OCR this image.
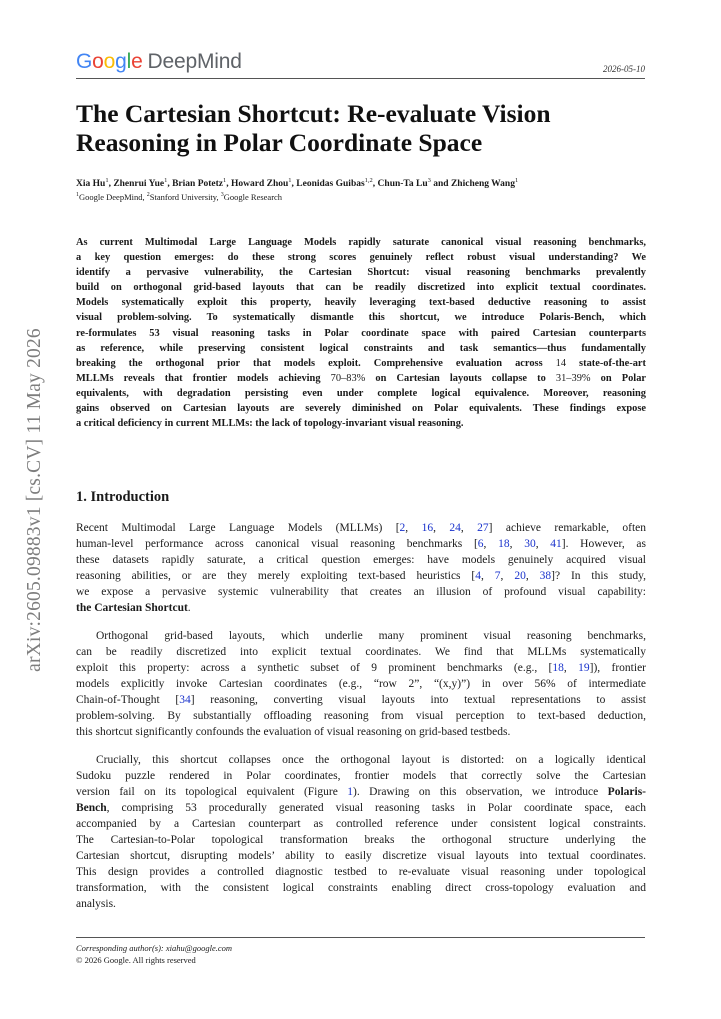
Google DeepMind	2026-05-10
The Cartesian Shortcut: Re-evaluate Vision
Reasoning in Polar Coordinate Space
Xia Hu$^1$, Zhenrui Yue$^1$, Brian Potetz$^1$, Howard Zhou$^1$, Leonidas Guibas$^{1,2}$, Chun-Ta Lu$^3$ and Zhicheng Wang$^1$
$^1$Google DeepMind, $^2$Stanford University, $^3$Google Research
arXiv:2605.09883v1 [cs.CV] 11 May 2026
As current Multimodal Large Language Models rapidly saturate canonical visual reasoning benchmarks,
a key question emerges: do these strong scores genuinely reflect robust visual understanding? We
identify a pervasive vulnerability, the Cartesian Shortcut: visual reasoning benchmarks prevalently
build on orthogonal grid-based layouts that can be readily discretized into explicit textual coordinates.
Models systematically exploit this property, heavily leveraging text-based deductive reasoning to assist
visual problem-solving. To systematically dismantle this shortcut, we introduce Polaris-Bench, which
re-formulates 53 visual reasoning tasks in Polar coordinate space with paired Cartesian counterparts
as reference, while preserving consistent logical constraints and task semantics—thus fundamentally
breaking the orthogonal prior that models exploit. Comprehensive evaluation across 14 state-of-the-art
MLLMs reveals that frontier models achieving 70–83% on Cartesian layouts collapse to 31–39% on Polar
equivalents, with degradation persisting even under complete logical equivalence. Moreover, reasoning
gains observed on Cartesian layouts are severely diminished on Polar equivalents. These findings expose
a critical deficiency in current MLLMs: the lack of topology-invariant visual reasoning.
1. Introduction
Recent Multimodal Large Language Models (MLLMs) [2, 16, 24, 27] achieve remarkable, often
human-level performance across canonical visual reasoning benchmarks [6, 18, 30, 41]. However, as
these datasets rapidly saturate, a critical question emerges: have models genuinely acquired visual
reasoning abilities, or are they merely exploiting text-based heuristics [4, 7, 20, 38]? In this study,
we expose a pervasive systemic vulnerability that creates an illusion of profound visual capability:
the Cartesian Shortcut.
Orthogonal grid-based layouts, which underlie many prominent visual reasoning benchmarks,
can be readily discretized into explicit textual coordinates. We find that MLLMs systematically
exploit this property: across a synthetic subset of 9 prominent benchmarks (e.g., [18, 19]), frontier
models explicitly invoke Cartesian coordinates (e.g., “row 2”, “(x,y)”) in over 56% of intermediate
Chain-of-Thought [34] reasoning, converting visual layouts into textual representations to assist
problem-solving. By substantially offloading reasoning from visual perception to text-based deduction,
this shortcut significantly confounds the evaluation of visual reasoning on grid-based testbeds.
Crucially, this shortcut collapses once the orthogonal layout is distorted: on a logically identical
Sudoku puzzle rendered in Polar coordinates, frontier models that correctly solve the Cartesian
version fail on its topological equivalent (Figure 1). Drawing on this observation, we introduce Polaris-
Bench, comprising 53 procedurally generated visual reasoning tasks in Polar coordinate space, each
accompanied by a Cartesian counterpart as controlled reference under consistent logical constraints.
The Cartesian-to-Polar topological transformation breaks the orthogonal structure underlying the
Cartesian shortcut, disrupting models’ ability to easily discretize visual layouts into textual coordinates.
This design provides a controlled diagnostic testbed to re-evaluate visual reasoning under topological
transformation, with the consistent logical constraints enabling direct cross-topology evaluation and
analysis.
Corresponding author(s): xiahu@google.com
© 2026 Google. All rights reserved
